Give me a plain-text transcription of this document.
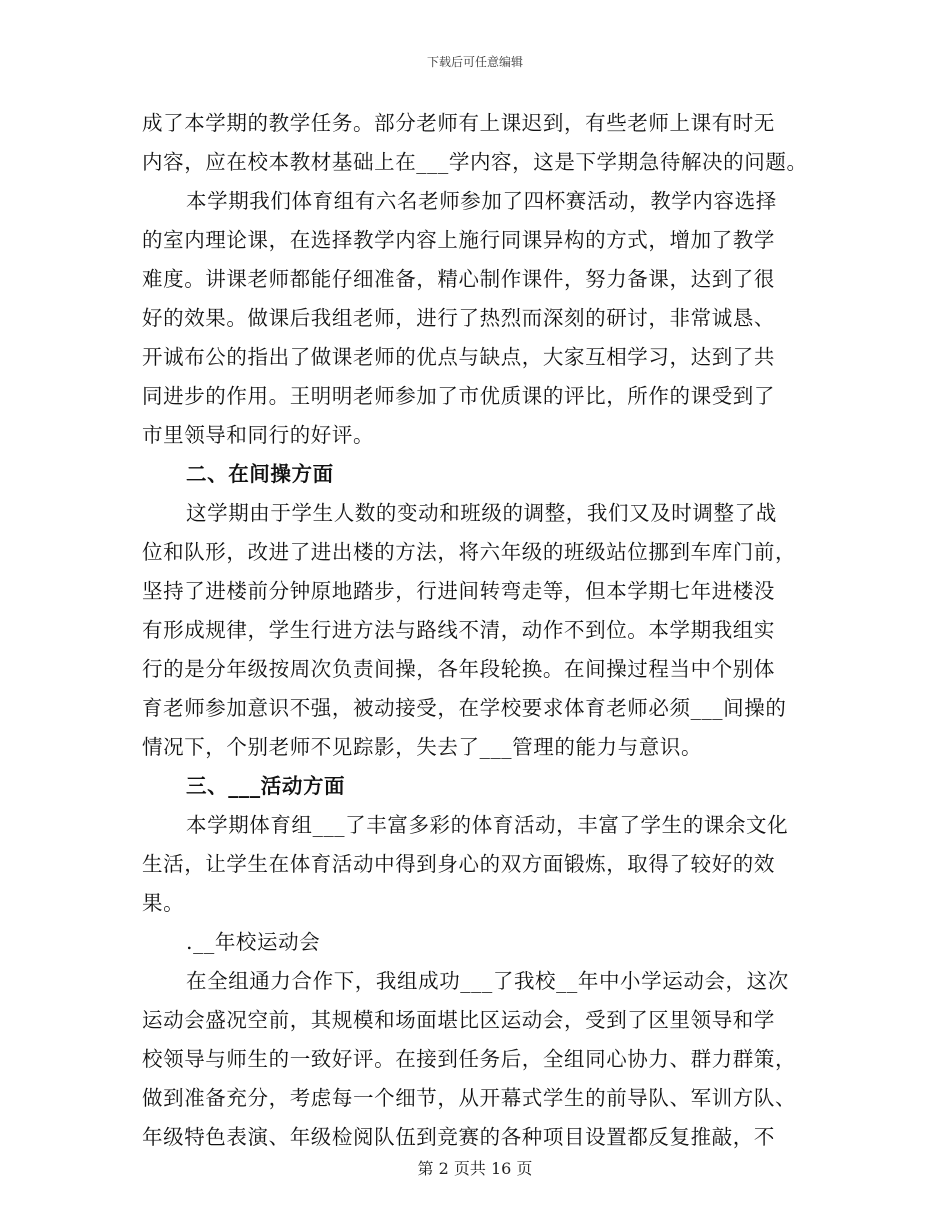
下载后可任意编辑
成了本学期的教学任务。部分老师有上课迟到，有些老师上课有时无
内容，应在校本教材基础上在___学内容，这是下学期急待解决的问题。
本学期我们体育组有六名老师参加了四杯赛活动，教学内容选择
的室内理论课，在选择教学内容上施行同课异构的方式，增加了教学
难度。讲课老师都能仔细准备，精心制作课件，努力备课，达到了很
好的效果。做课后我组老师，进行了热烈而深刻的研讨，非常诚恳、
开诚布公的指出了做课老师的优点与缺点，大家互相学习，达到了共
同进步的作用。王明明老师参加了市优质课的评比，所作的课受到了
市里领导和同行的好评。
二、在间操方面
这学期由于学生人数的变动和班级的调整，我们又及时调整了战
位和队形，改进了进出楼的方法，将六年级的班级站位挪到车库门前，
坚持了进楼前分钟原地踏步，行进间转弯走等，但本学期七年进楼没
有形成规律，学生行进方法与路线不清，动作不到位。本学期我组实
行的是分年级按周次负责间操，各年段轮换。在间操过程当中个别体
育老师参加意识不强，被动接受，在学校要求体育老师必须___间操的
情况下，个别老师不见踪影，失去了___管理的能力与意识。
三、___活动方面
本学期体育组___了丰富多彩的体育活动，丰富了学生的课余文化
生活，让学生在体育活动中得到身心的双方面锻炼，取得了较好的效
果。
.__年校运动会
在全组通力合作下，我组成功___了我校__年中小学运动会，这次
运动会盛况空前，其规模和场面堪比区运动会，受到了区里领导和学
校领导与师生的一致好评。在接到任务后，全组同心协力、群力群策，
做到准备充分，考虑每一个细节，从开幕式学生的前导队、军训方队、
年级特色表演、年级检阅队伍到竞赛的各种项目设置都反复推敲，不
第 2 页共 16 页
